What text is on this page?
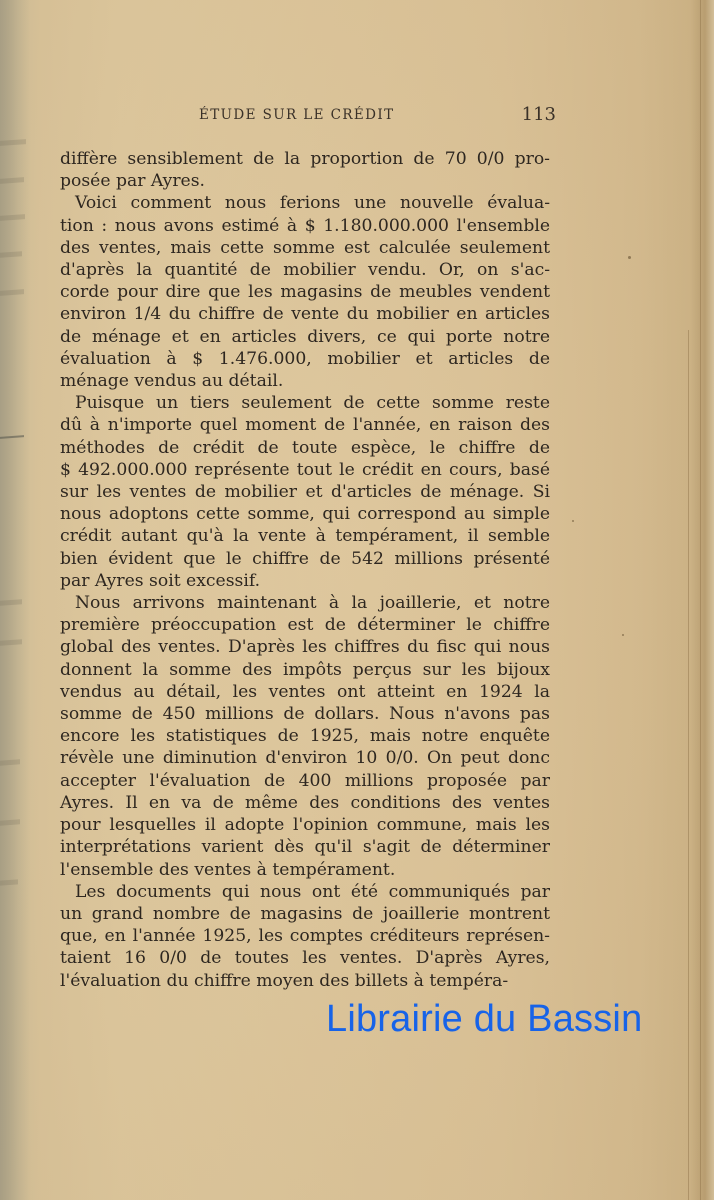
ÉTUDE SUR LE CRÉDIT	113
diffère sensiblement de la proportion de 70 0/0 pro-
posée par Ayres.
Voici comment nous ferions une nouvelle évalua-
tion : nous avons estimé à $ 1.180.000.000 l'ensemble
des ventes, mais cette somme est calculée seulement
d'après la quantité de mobilier vendu. Or, on s'ac-
corde pour dire que les magasins de meubles vendent
environ 1/4 du chiffre de vente du mobilier en articles
de ménage et en articles divers, ce qui porte notre
évaluation à $ 1.476.000, mobilier et articles de
ménage vendus au détail.
Puisque un tiers seulement de cette somme reste
dû à n'importe quel moment de l'année, en raison des
méthodes de crédit de toute espèce, le chiffre de
$ 492.000.000 représente tout le crédit en cours, basé
sur les ventes de mobilier et d'articles de ménage. Si
nous adoptons cette somme, qui correspond au simple
crédit autant qu'à la vente à tempérament, il semble
bien évident que le chiffre de 542 millions présenté
par Ayres soit excessif.
Nous arrivons maintenant à la joaillerie, et notre
première préoccupation est de déterminer le chiffre
global des ventes. D'après les chiffres du fisc qui nous
donnent la somme des impôts perçus sur les bijoux
vendus au détail, les ventes ont atteint en 1924 la
somme de 450 millions de dollars. Nous n'avons pas
encore les statistiques de 1925, mais notre enquête
révèle une diminution d'environ 10 0/0. On peut donc
accepter l'évaluation de 400 millions proposée par
Ayres. Il en va de même des conditions des ventes
pour lesquelles il adopte l'opinion commune, mais les
interprétations varient dès qu'il s'agit de déterminer
l'ensemble des ventes à tempérament.
Les documents qui nous ont été communiqués par
un grand nombre de magasins de joaillerie montrent
que, en l'année 1925, les comptes créditeurs représen-
taient 16 0/0 de toutes les ventes. D'après Ayres,
l'évaluation du chiffre moyen des billets à tempéra-
Librairie du Bassin
